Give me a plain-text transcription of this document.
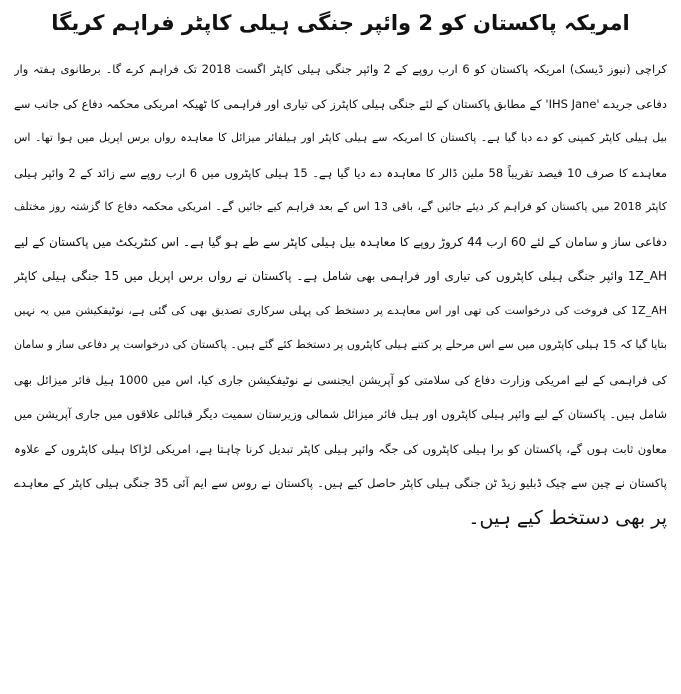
امریکہ پاکستان کو 2 وائپر جنگی ہیلی کاپٹر فراہم کریگا
کراچی (نیوز ڈیسک) امریکہ پاکستان کو 6 ارب روپے کے 2 وائپر جنگی ہیلی کاپٹر اگست 2018 تک فراہم کرے گا۔ برطانوی ہفتہ وار
دفاعی جریدے 'IHS Jane' کے مطابق پاکستان کے لئے جنگی ہیلی کاپٹرز کی تیاری اور فراہمی کا ٹھیکہ امریکی محکمہ دفاع کی جانب سے
بیل ہیلی کاپٹر کمپنی کو دے دیا گیا ہے۔ پاکستان کا امریکہ سے ہیلی کاپٹر اور ہیلفائر میزائل کا معاہدہ رواں برس اپریل میں ہوا تھا۔ اس
معاہدے کا صرف 10 فیصد تقریباً 58 ملین ڈالر کا معاہدہ دے دیا گیا ہے۔ 15 ہیلی کاپٹروں میں 6 ارب روپے سے زائد کے 2 وائپر ہیلی
کاپٹر 2018 میں پاکستان کو فراہم کر دیئے جائیں گے، باقی 13 اس کے بعد فراہم کیے جائیں گے۔ امریکی محکمہ دفاع کا گزشتہ روز مختلف
دفاعی ساز و سامان کے لئے 60 ارب 44 کروڑ روپے کا معاہدہ بیل ہیلی کاپٹر سے طے ہو گیا ہے۔ اس کنٹریکٹ میں پاکستان کے لیے
1Z_AH وائپر جنگی ہیلی کاپٹروں کی تیاری اور فراہمی بھی شامل ہے۔ پاکستان نے رواں برس اپریل میں 15 جنگی ہیلی کاپٹر
1Z_AH کی فروخت کی درخواست کی تھی اور اس معاہدے پر دستخط کی پہلی سرکاری تصدیق بھی کی گئی ہے، نوٹیفکیشن میں یہ نہیں
بتایا گیا کہ 15 ہیلی کاپٹروں میں سے اس مرحلے پر کتنے ہیلی کاپٹروں پر دستخط کئے گئے ہیں۔ پاکستان کی درخواست پر دفاعی ساز و سامان
کی فراہمی کے لیے امریکی وزارت دفاع کی سلامتی کو آپریشن ایجنسی نے نوٹیفکیشن جاری کیا، اس میں 1000 ہیل فائر میزائل بھی
شامل ہیں۔ پاکستان کے لیے وائپر ہیلی کاپٹروں اور ہیل فائر میزائل شمالی وزیرستان سمیت دیگر قبائلی علاقوں میں جاری آپریشن میں
معاون ثابت ہوں گے، پاکستان کو برا ہیلی کاپٹروں کی جگہ وائپر ہیلی کاپٹر تبدیل کرنا چاہتا ہے، امریکی لڑاکا ہیلی کاپٹروں کے علاوہ
پاکستان نے چین سے چیک ڈبلیو زیڈ ٹن جنگی ہیلی کاپٹر حاصل کیے ہیں۔ پاکستان نے روس سے ایم آئی 35 جنگی ہیلی کاپٹر کے معاہدے
پر بھی دستخط کیے ہیں۔
